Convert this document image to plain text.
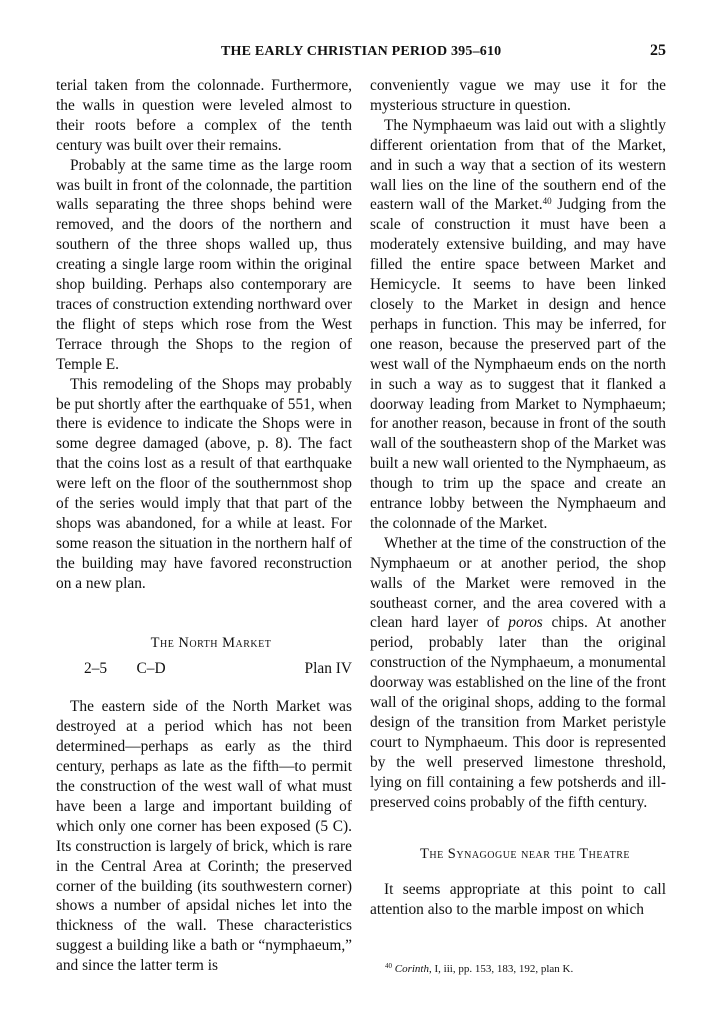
THE EARLY CHRISTIAN PERIOD 395–610	25

terial taken from the colonnade. Furthermore, the walls in question were leveled almost to their roots before a complex of the tenth century was built over their remains.

Probably at the same time as the large room was built in front of the colonnade, the partition walls separating the three shops behind were removed, and the doors of the northern and southern of the three shops walled up, thus creating a single large room within the original shop building. Perhaps also contemporary are traces of construction extending northward over the flight of steps which rose from the West Terrace through the Shops to the region of Temple E.

This remodeling of the Shops may probably be put shortly after the earthquake of 551, when there is evidence to indicate the Shops were in some degree damaged (above, p. 8). The fact that the coins lost as a result of that earthquake were left on the floor of the southernmost shop of the series would imply that that part of the shops was abandoned, for a while at least. For some reason the situation in the northern half of the building may have favored reconstruction on a new plan.

The North Market

2–5 C–D	Plan IV

The eastern side of the North Market was destroyed at a period which has not been determined—perhaps as early as the third century, perhaps as late as the fifth—to permit the construction of the west wall of what must have been a large and important building of which only one corner has been exposed (5 C). Its construction is largely of brick, which is rare in the Central Area at Corinth; the preserved corner of the building (its southwestern corner) shows a number of apsidal niches let into the thickness of the wall. These characteristics suggest a building like a bath or “nymphaeum,” and since the latter term is

conveniently vague we may use it for the mysterious structure in question.

The Nymphaeum was laid out with a slightly different orientation from that of the Market, and in such a way that a section of its western wall lies on the line of the southern end of the eastern wall of the Market.$^{40}$ Judging from the scale of construction it must have been a moderately extensive building, and may have filled the entire space between Market and Hemicycle. It seems to have been linked closely to the Market in design and hence perhaps in function. This may be inferred, for one reason, because the preserved part of the west wall of the Nymphaeum ends on the north in such a way as to suggest that it flanked a doorway leading from Market to Nymphaeum; for another reason, because in front of the south wall of the southeastern shop of the Market was built a new wall oriented to the Nymphaeum, as though to trim up the space and create an entrance lobby between the Nymphaeum and the colonnade of the Market.

Whether at the time of the construction of the Nymphaeum or at another period, the shop walls of the Market were removed in the southeast corner, and the area covered with a clean hard layer of poros chips. At another period, probably later than the original construction of the Nymphaeum, a monumental doorway was established on the line of the front wall of the original shops, adding to the formal design of the transition from Market peristyle court to Nymphaeum. This door is represented by the well preserved limestone threshold, lying on fill containing a few potsherds and ill-preserved coins probably of the fifth century.

The Synagogue near the Theatre

It seems appropriate at this point to call attention also to the marble impost on which

$^{40}$ Corinth, I, iii, pp. 153, 183, 192, plan K.
